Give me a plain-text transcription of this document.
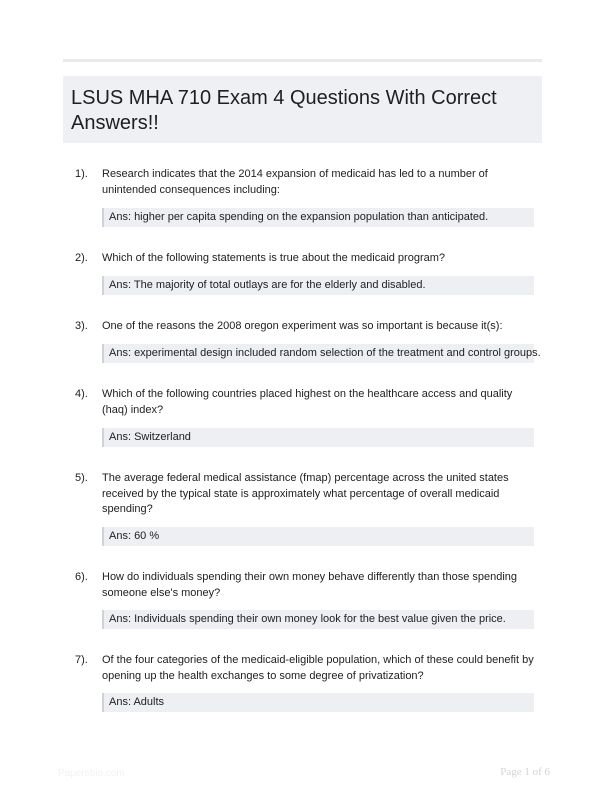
LSUS MHA 710 Exam 4 Questions With Correct Answers!!
1). Research indicates that the 2014 expansion of medicaid has led to a number of unintended consequences including:
Ans: higher per capita spending on the expansion population than anticipated.
2). Which of the following statements is true about the medicaid program?
Ans: The majority of total outlays are for the elderly and disabled.
3). One of the reasons the 2008 oregon experiment was so important is because it(s):
Ans: experimental design included random selection of the treatment and control groups.
4). Which of the following countries placed highest on the healthcare access and quality (haq) index?
Ans: Switzerland
5). The average federal medical assistance (fmap) percentage across the united states received by the typical state is approximately what percentage of overall medicaid spending?
Ans: 60 %
6). How do individuals spending their own money behave differently than those spending someone else's money?
Ans: Individuals spending their own money look for the best value given the price.
7). Of the four categories of the medicaid-eligible population, which of these could benefit by opening up the health exchanges to some degree of privatization?
Ans: Adults
Papersbio.com	Page 1 of 6
